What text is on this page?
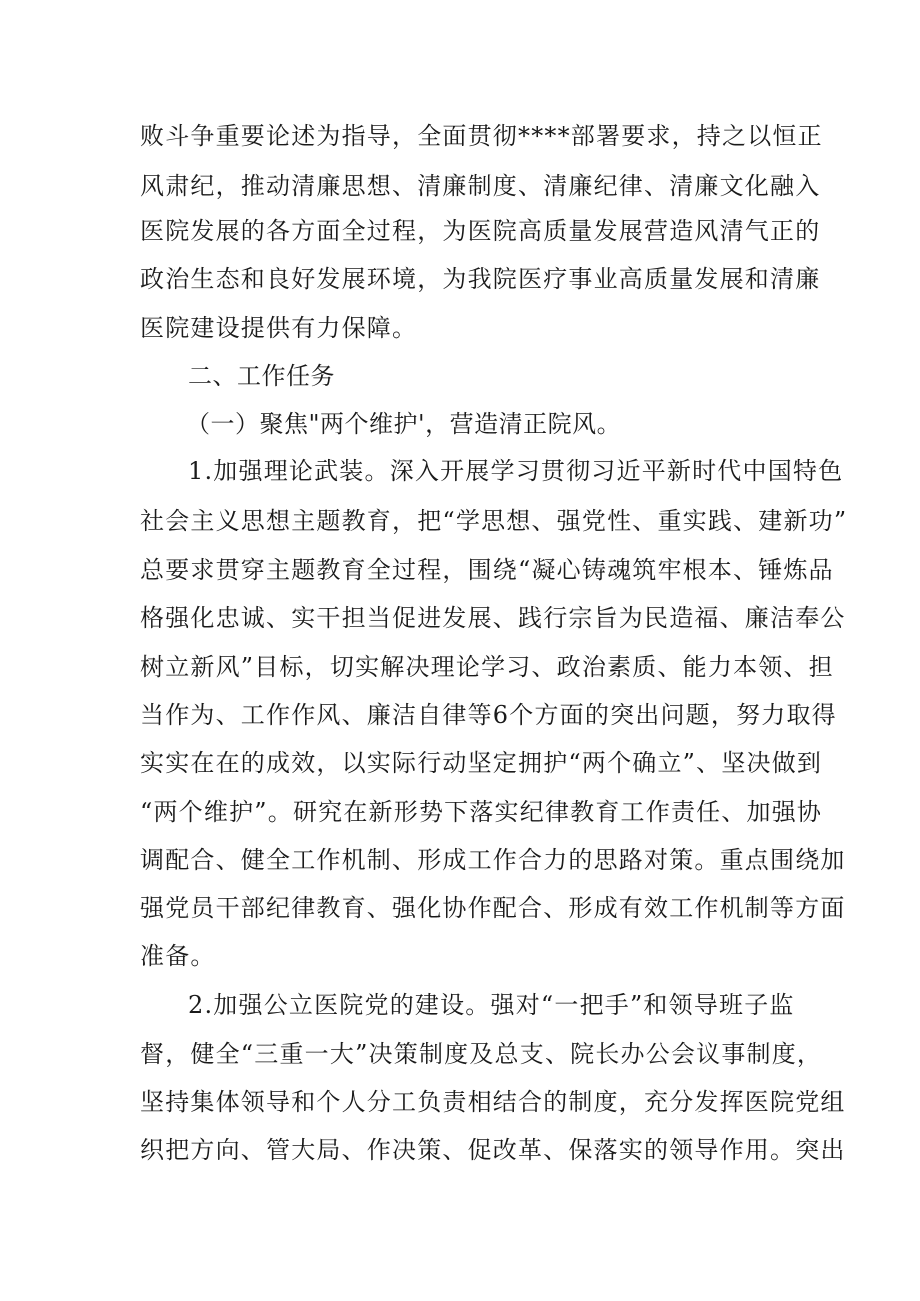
败斗争重要论述为指导，全面贯彻****部署要求，持之以恒正
风肃纪，推动清廉思想、清廉制度、清廉纪律、清廉文化融入
医院发展的各方面全过程，为医院高质量发展营造风清气正的
政治生态和良好发展环境，为我院医疗事业高质量发展和清廉
医院建设提供有力保障。
二、工作任务
（一）聚焦"两个维护'，营造清正院风。
1.加强理论武装。深入开展学习贯彻习近平新时代中国特色
社会主义思想主题教育，把“学思想、强党性、重实践、建新功”
总要求贯穿主题教育全过程，围绕“凝心铸魂筑牢根本、锤炼品
格强化忠诚、实干担当促进发展、践行宗旨为民造福、廉洁奉公
树立新风”目标，切实解决理论学习、政治素质、能力本领、担
当作为、工作作风、廉洁自律等6个方面的突出问题，努力取得
实实在在的成效，以实际行动坚定拥护“两个确立”、坚决做到
“两个维护”。研究在新形势下落实纪律教育工作责任、加强协
调配合、健全工作机制、形成工作合力的思路对策。重点围绕加
强党员干部纪律教育、强化协作配合、形成有效工作机制等方面
准备。
2.加强公立医院党的建设。强对“一把手”和领导班子监
督，健全“三重一大”决策制度及总支、院长办公会议事制度，
坚持集体领导和个人分工负责相结合的制度，充分发挥医院党组
织把方向、管大局、作决策、促改革、保落实的领导作用。突出
